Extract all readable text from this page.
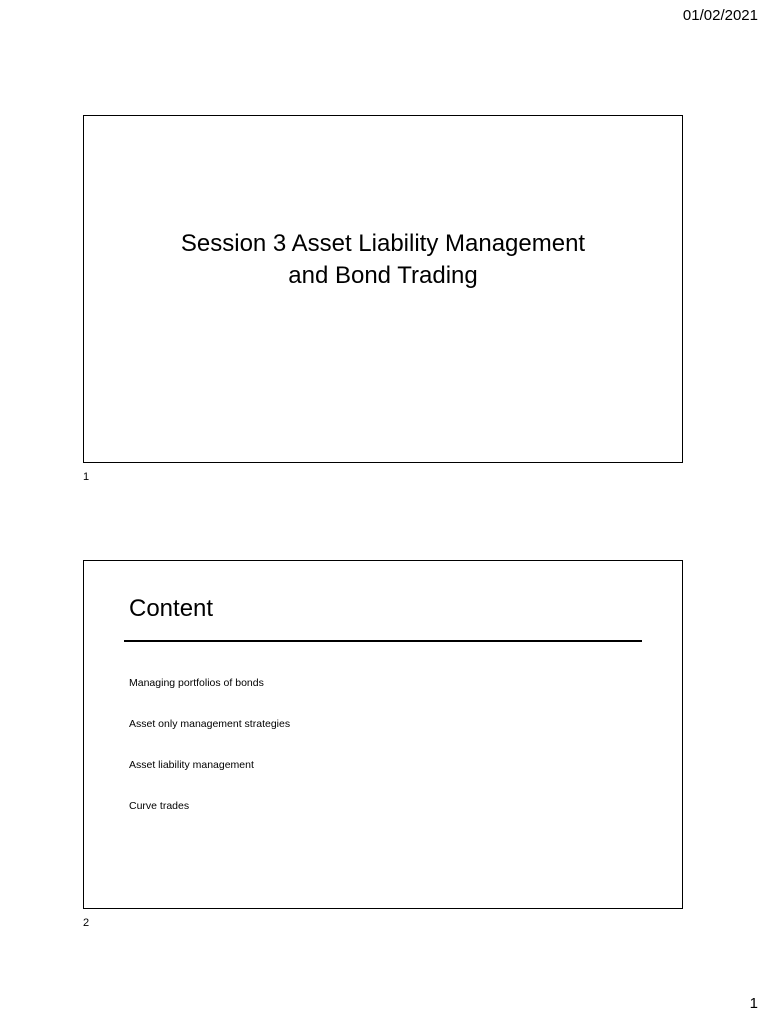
01/02/2021
Session 3 Asset Liability Management
and Bond Trading
1
Content
Managing portfolios of bonds
Asset only management strategies
Asset liability management
Curve trades
2
1
